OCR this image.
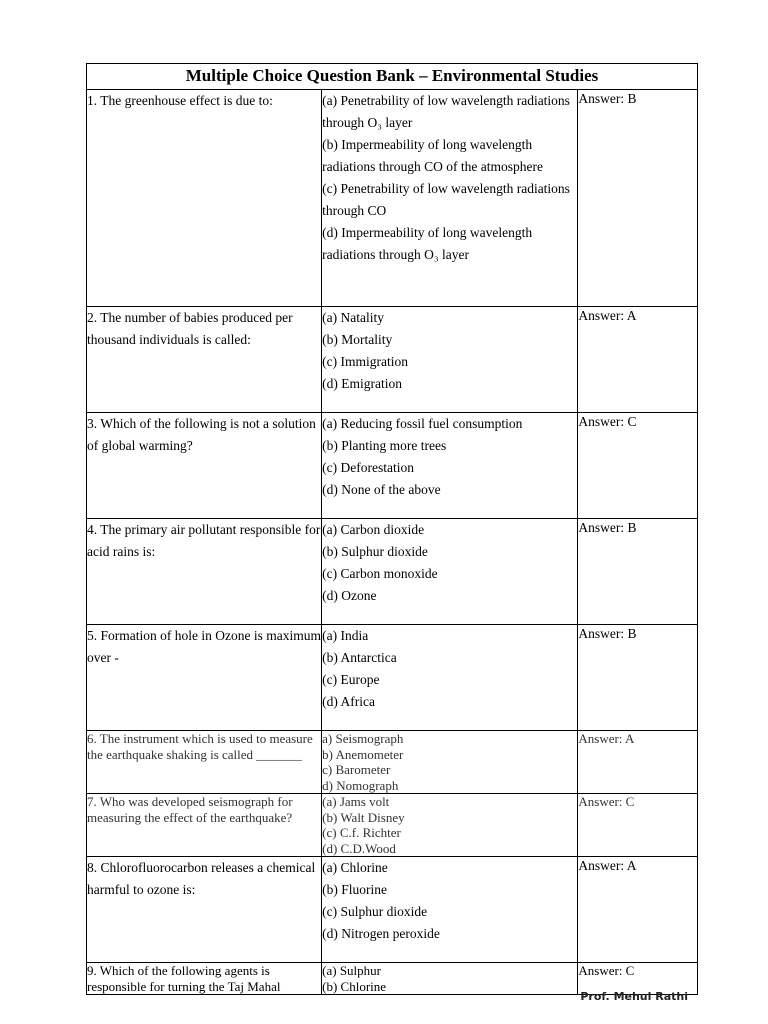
Multiple Choice Question Bank – Environmental Studies		
1. The greenhouse effect is due to:	(a) Penetrability of low wavelength radiations through O₃ layer
(b) Impermeability of long wavelength radiations through CO of the atmosphere
(c) Penetrability of low wavelength radiations through CO
(d) Impermeability of long wavelength radiations through O₃ layer	Answer: B
2. The number of babies produced per thousand individuals is called:	(a) Natality
(b) Mortality
(c) Immigration
(d) Emigration	Answer: A
3. Which of the following is not a solution of global warming?	(a) Reducing fossil fuel consumption
(b) Planting more trees
(c) Deforestation
(d) None of the above	Answer: C
4. The primary air pollutant responsible for acid rains is:	(a) Carbon dioxide
(b) Sulphur dioxide
(c) Carbon monoxide
(d) Ozone	Answer: B
5. Formation of hole in Ozone is maximum over -	(a) India
(b) Antarctica
(c) Europe
(d) Africa	Answer: B
6. The instrument which is used to measure the earthquake shaking is called _______	a) Seismograph
b) Anemometer
c) Barometer
d) Nomograph	Answer: A
7. Who was developed seismograph for measuring the effect of the earthquake?	(a) Jams volt
(b) Walt Disney
(c) C.f. Richter
(d) C.D.Wood	Answer: C
8. Chlorofluorocarbon releases a chemical harmful to ozone is:	(a) Chlorine
(b) Fluorine
(c) Sulphur dioxide
(d) Nitrogen peroxide	Answer: A
9. Which of the following agents is responsible for turning the Taj Mahal	(a) Sulphur
(b) Chlorine	Answer: C
Prof. Mehul Rathi
